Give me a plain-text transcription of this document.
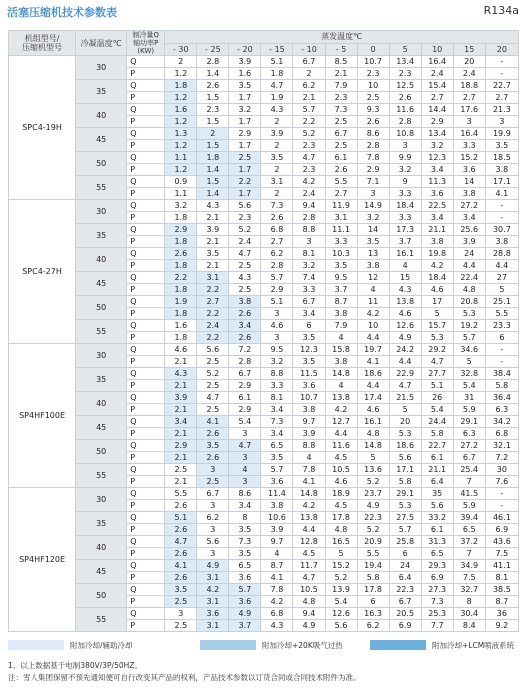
活塞压缩机技术参数表	R134a
机组型号/
压缩机型号	冷凝温度℃	制冷量Q
轴功率P
(KW)	蒸发温度℃										
			- 30	- 25	- 20	- 15	- 10	- 5	0	5	10	15	20
SPC4-19H	30	Q	2	2.8	3.9	5.1	6.7	8.5	10.7	13.4	16.4	20	-
		P	1.2	1.4	1.6	1.8	2	2.1	2.3	2.3	2.4	2.4	-
	35	Q	1.8	2.6	3.5	4.7	6.2	7.9	10	12.5	15.4	18.8	22.7
		P	1.2	1.5	1.7	1.9	2.1	2.3	2.5	2.6	2.7	2.7	2.7
	40	Q	1.6	2.3	3.2	4.3	5.7	7.3	9.3	11.6	14.4	17.6	21.3
		P	1.2	1.5	1.7	2	2.2	2.5	2.6	2.8	2.9	3	3
	45	Q	1.3	2	2.9	3.9	5.2	6.7	8.6	10.8	13.4	16.4	19.9
		P	1.2	1.5	1.7	2	2.3	2.5	2.8	3	3.2	3.3	3.5
	50	Q	1.1	1.8	2.5	3.5	4.7	6.1	7.8	9.9	12.3	15.2	18.5
		P	1.2	1.4	1.7	2	2.3	2.6	2.9	3.2	3.4	3.6	3.8
	55	Q	0.9	1.5	2.2	3.1	4.2	5.5	7.1	9	11.3	14	17.1
		P	1.1	1.4	1.7	2	2.4	2.7	3	3.3	3.6	3.8	4.1
SPC4-27H	30	Q	3.2	4.3	5.6	7.3	9.4	11.9	14.9	18.4	22.5	27.2	-
		P	1.8	2.1	2.3	2.6	2.8	3.1	3.2	3.3	3.4	3.4	-
	35	Q	2.9	3.9	5.2	6.8	8.8	11.1	14	17.3	21.1	25.6	30.7
		P	1.8	2.1	2.4	2.7	3	3.3	3.5	3.7	3.8	3.9	3.8
	40	Q	2.6	3.5	4.7	6.2	8.1	10.3	13	16.1	19.8	24	28.8
		P	1.8	2.1	2.5	2.8	3.2	3.5	3.8	4	4.2	4.4	4.4
	45	Q	2.2	3.1	4.3	5.7	7.4	9.5	12	15	18.4	22.4	27
		P	1.8	2.2	2.5	2.9	3.3	3.7	4	4.3	4.6	4.8	5
	50	Q	1.9	2.7	3.8	5.1	6.7	8.7	11	13.8	17	20.8	25.1
		P	1.8	2.2	2.6	3	3.4	3.8	4.2	4.6	5	5.3	5.5
	55	Q	1.6	2.4	3.4	4.6	6	7.9	10	12.6	15.7	19.2	23.3
		P	1.8	2.2	2.6	3	3.5	4	4.4	4.9	5.3	5.7	6
SP4HF100E	30	Q	4.6	5.6	7.2	9.5	12.3	15.8	19.7	24.2	29.2	34.6	-
		P	2.1	2.5	2.8	3.2	3.5	3.8	4.1	4.4	4.7	5	-
	35	Q	4.3	5.2	6.7	8.8	11.5	14.8	18.6	22.9	27.7	32.8	38.4
		P	2.1	2.5	2.9	3.3	3.6	4	4.4	4.7	5.1	5.4	5.8
	40	Q	3.9	4.7	6.1	8.1	10.7	13.8	17.4	21.5	26	31	36.4
		P	2.1	2.5	2.9	3.4	3.8	4.2	4.6	5	5.4	5.9	6.3
	45	Q	3.4	4.1	5.4	7.3	9.7	12.7	16.1	20	24.4	29.1	34.2
		P	2.1	2.6	3	3.4	3.9	4.4	4.8	5.3	5.8	6.3	6.8
	50	Q	2.9	3.5	4.7	6.5	8.8	11.6	14.8	18.6	22.7	27.2	32.1
		P	2.1	2.6	3	3.5	4	4.5	5	5.6	6.1	6.7	7.2
	55	Q	2.5	3	4	5.7	7.8	10.5	13.6	17.1	21.1	25.4	30
		P	2.1	2.5	3	3.6	4.1	4.6	5.2	5.8	6.4	7	7.6
SP4HF120E	30	Q	5.5	6.7	8.6	11.4	14.8	18.9	23.7	29.1	35	41.5	-
		P	2.6	3	3.4	3.8	4.2	4.5	4.9	5.3	5.6	5.9	-
	35	Q	5.1	6.2	8	10.6	13.8	17.8	22.3	27.5	33.2	39.4	46.1
		P	2.6	3	3.5	3.9	4.4	4.8	5.2	5.7	6.1	6.5	6.9
	40	Q	4.7	5.6	7.3	9.7	12.8	16.5	20.9	25.8	31.3	37.2	43.6
		P	2.6	3	3.5	4	4.5	5	5.5	6	6.5	7	7.5
	45	Q	4.1	4.9	6.5	8.7	11.7	15.2	19.4	24	29.3	34.9	41.1
		P	2.6	3.1	3.6	4.1	4.7	5.2	5.8	6.4	6.9	7.5	8.1
	50	Q	3.5	4.2	5.7	7.8	10.5	13.9	17.8	22.3	27.3	32.7	38.5
		P	2.5	3.1	3.6	4.2	4.8	5.4	6	6.7	7.3	8	8.7
	55	Q	3	3.6	4.9	6.8	9.4	12.6	16.3	20.5	25.3	30.4	36
		P	2.5	3.1	3.7	4.3	4.9	5.6	6.2	6.9	7.7	8.4	9.2
附加冷却/辅助冷却	附加冷却+20K吸气过热	附加冷却+LCM喷液系统
1、以上数据基于电制380V/3P/50HZ。
注：雪人集团保留不预先通知便可自行改变其产品的权利，产品技术参数以订货合同或合同技术附件为准。
